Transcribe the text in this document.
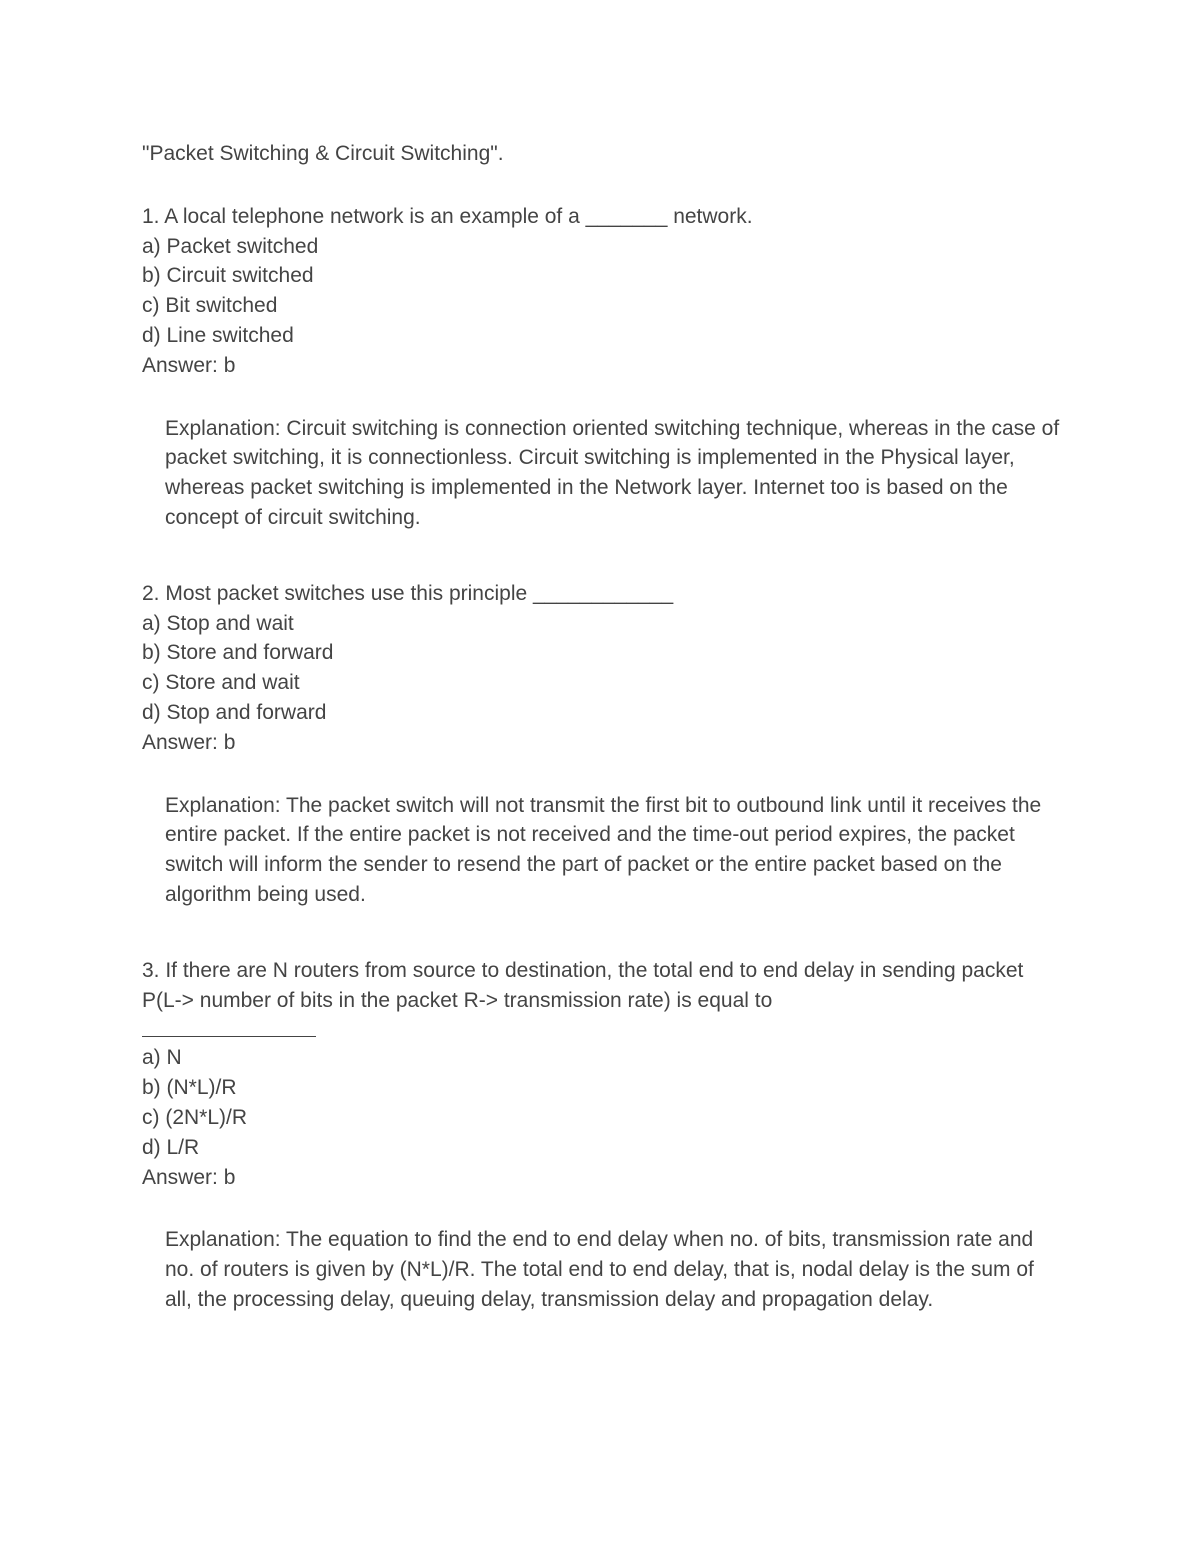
"Packet Switching & Circuit Switching".

1. A local telephone network is an example of a _______ network.

a) Packet switched

b) Circuit switched

c) Bit switched

d) Line switched

Answer: b

Explanation: Circuit switching is connection oriented switching technique, whereas in the case of packet switching, it is connectionless. Circuit switching is implemented in the Physical layer, whereas packet switching is implemented in the Network layer. Internet too is based on the concept of circuit switching.

2. Most packet switches use this principle ____________

a) Stop and wait

b) Store and forward

c) Store and wait

d) Stop and forward

Answer: b

Explanation: The packet switch will not transmit the first bit to outbound link until it receives the entire packet. If the entire packet is not received and the time-out period expires, the packet switch will inform the sender to resend the part of packet or the entire packet based on the algorithm being used.

3. If there are N routers from source to destination, the total end to end delay in sending packet P(L-> number of bits in the packet R-> transmission rate) is equal to

a) N

b) (N*L)/R

c) (2N*L)/R

d) L/R

Answer: b

Explanation: The equation to find the end to end delay when no. of bits, transmission rate and no. of routers is given by (N*L)/R. The total end to end delay, that is, nodal delay is the sum of all, the processing delay, queuing delay, transmission delay and propagation delay.
